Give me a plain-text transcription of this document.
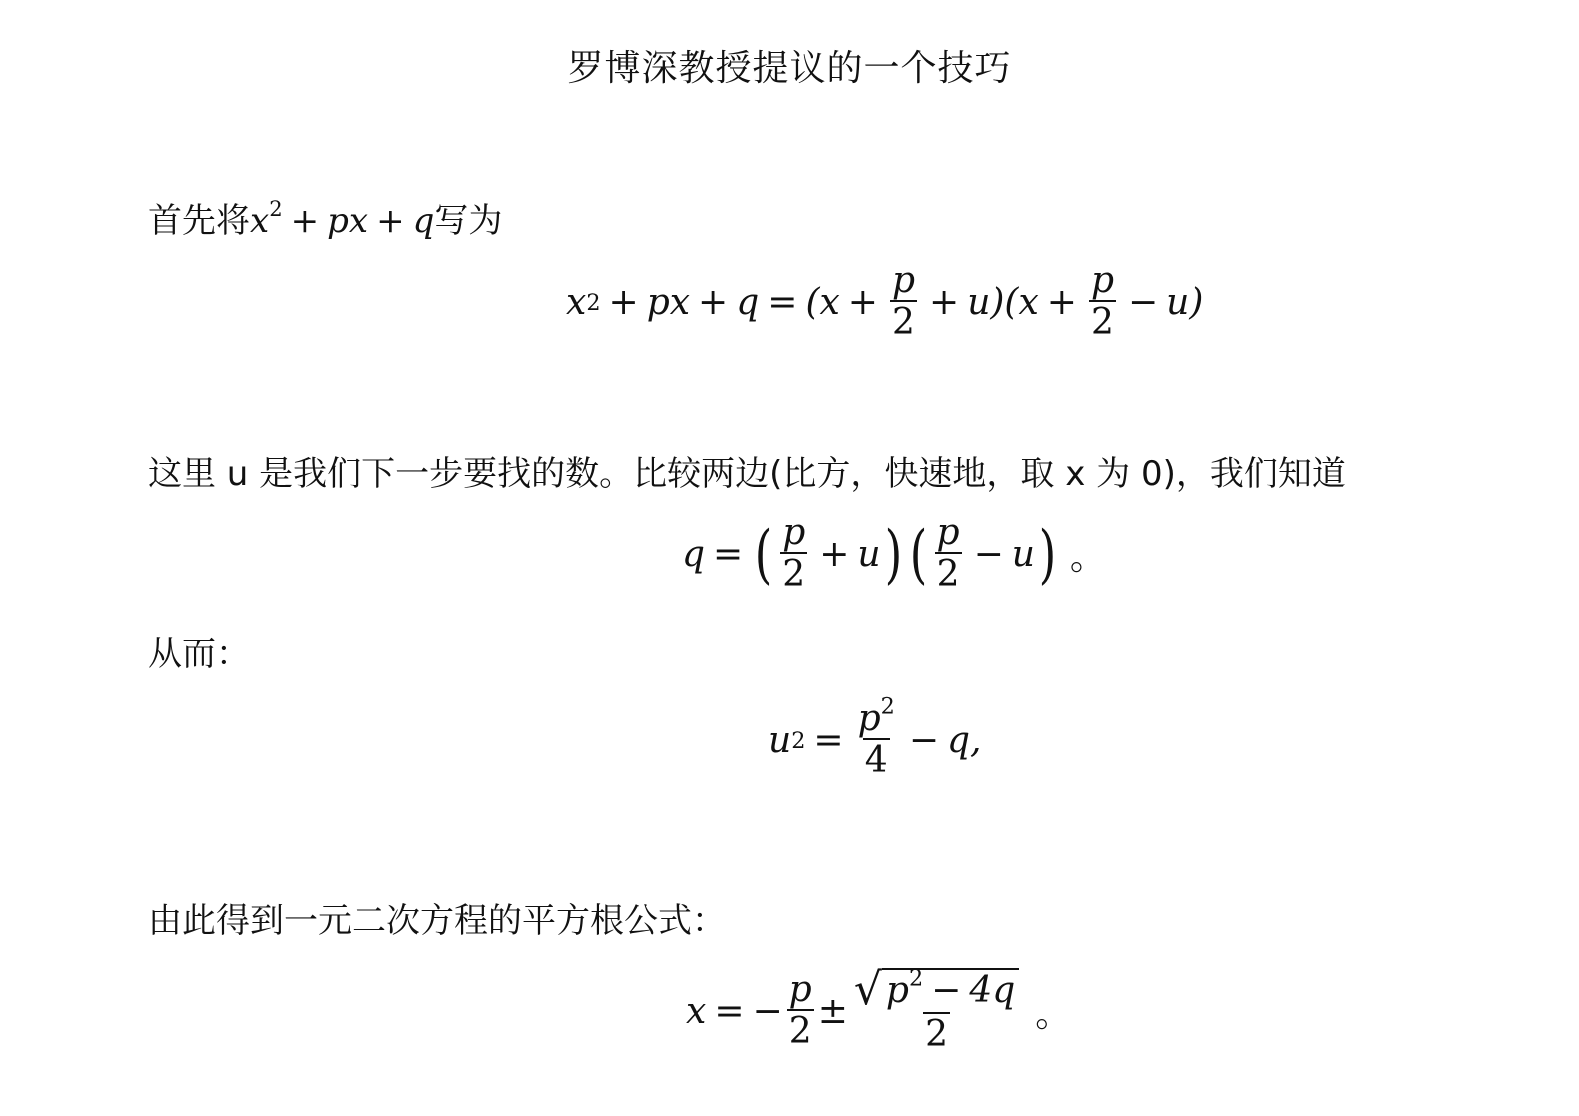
罗博深教授提议的一个技巧
首先将$x^2$ + px + q写为
x 2 + px + $q = (x + \frac{p}{2} + u)$ $(x + \frac{p}{2} - u)$
这里 u 是我们下一步要找的数。比较两边(比方，快速地，取 x 为 0)，我们知道
q = ( $\frac{p}{2} + u$ ) ( $\frac{p}{2} - u$ ) 。
从而：
u $2 = \frac{p^2}{4} - q$,
由此得到一元二次方程的平方根公式：
x = − $\frac{p}{2} \pm \frac{√ p^2 - 4q}{2}$ 。
